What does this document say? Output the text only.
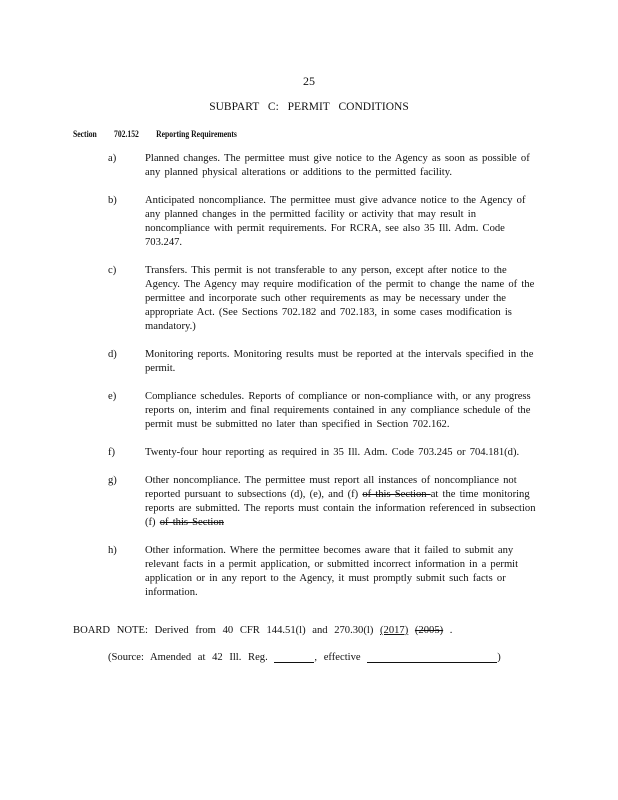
25
SUBPART C: PERMIT CONDITIONS
Section 702.152 Reporting Requirements
a)	Planned changes. The permittee must give notice to the Agency as soon as possible of any planned physical alterations or additions to the permitted facility.
b)	Anticipated noncompliance. The permittee must give advance notice to the Agency of any planned changes in the permitted facility or activity that may result in noncompliance with permit requirements. For RCRA, see also 35 Ill. Adm. Code 703.247.
c)	Transfers. This permit is not transferable to any person, except after notice to the Agency. The Agency may require modification of the permit to change the name of the permittee and incorporate such other requirements as may be necessary under the appropriate Act. (See Sections 702.182 and 702.183, in some cases modification is mandatory.)
d)	Monitoring reports. Monitoring results must be reported at the intervals specified in the permit.
e)	Compliance schedules. Reports of compliance or non-compliance with, or any progress reports on, interim and final requirements contained in any compliance schedule of the permit must be submitted no later than specified in Section 702.162.
f)	Twenty-four hour reporting as required in 35 Ill. Adm. Code 703.245 or 704.181(d).
g)	Other noncompliance. The permittee must report all instances of noncompliance not reported pursuant to subsections (d), (e), and (f) of this Section at the time monitoring reports are submitted. The reports must contain the information referenced in subsection (f) of this Section
h)	Other information. Where the permittee becomes aware that it failed to submit any relevant facts in a permit application, or submitted incorrect information in a permit application or in any report to the Agency, it must promptly submit such facts or information.
BOARD NOTE: Derived from 40 CFR 144.51(l) and 270.30(l) (2017) (2005) .
(Source: Amended at 42 Ill. Reg.	, effective	)
